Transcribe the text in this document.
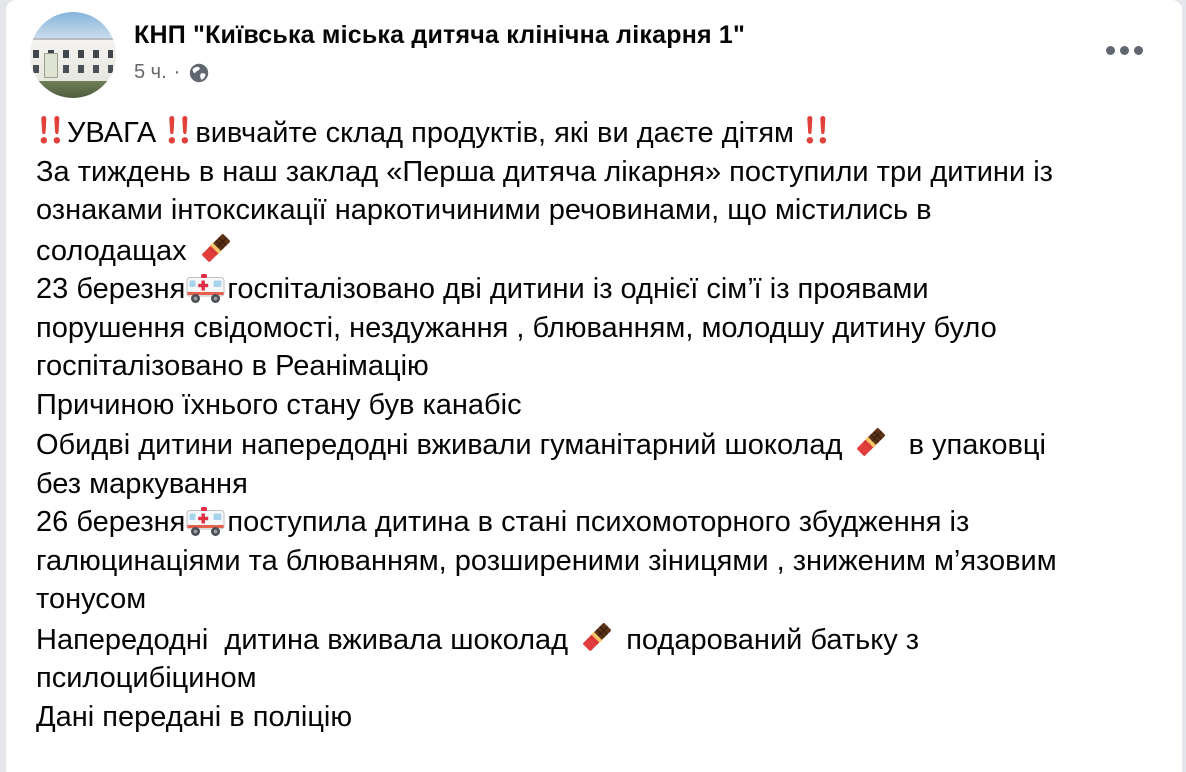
КНП "Київська міська дитяча клінічна лікарня 1"
5 ч. ·
УВАГА вивчайте склад продуктів, які ви даєте дітям
За тиждень в наш заклад «Перша дитяча лікарня» поступили три дитини із
ознаками інтоксикації наркотичиними речовинами, що містились в
солодащах
23 березня госпіталізовано дві дитини із однієї сім’ї із проявами
порушення свідомості, нездужання , блюванням, молодшу дитину було
госпіталізовано в Реанімацію
Причиною їхнього стану був канабіс
Обидві дитини напередодні вживали гуманітарний шоколад   в упаковці
без маркування
26 березня поступила дитина в стані психомоторного збудження із
галюцинаціями та блюванням, розширеними зіницями , зниженим м’язовим
тонусом
Напередодні  дитина вживала шоколад  подарований батьку з
псилоцибіцином
Дані передані в поліцію
